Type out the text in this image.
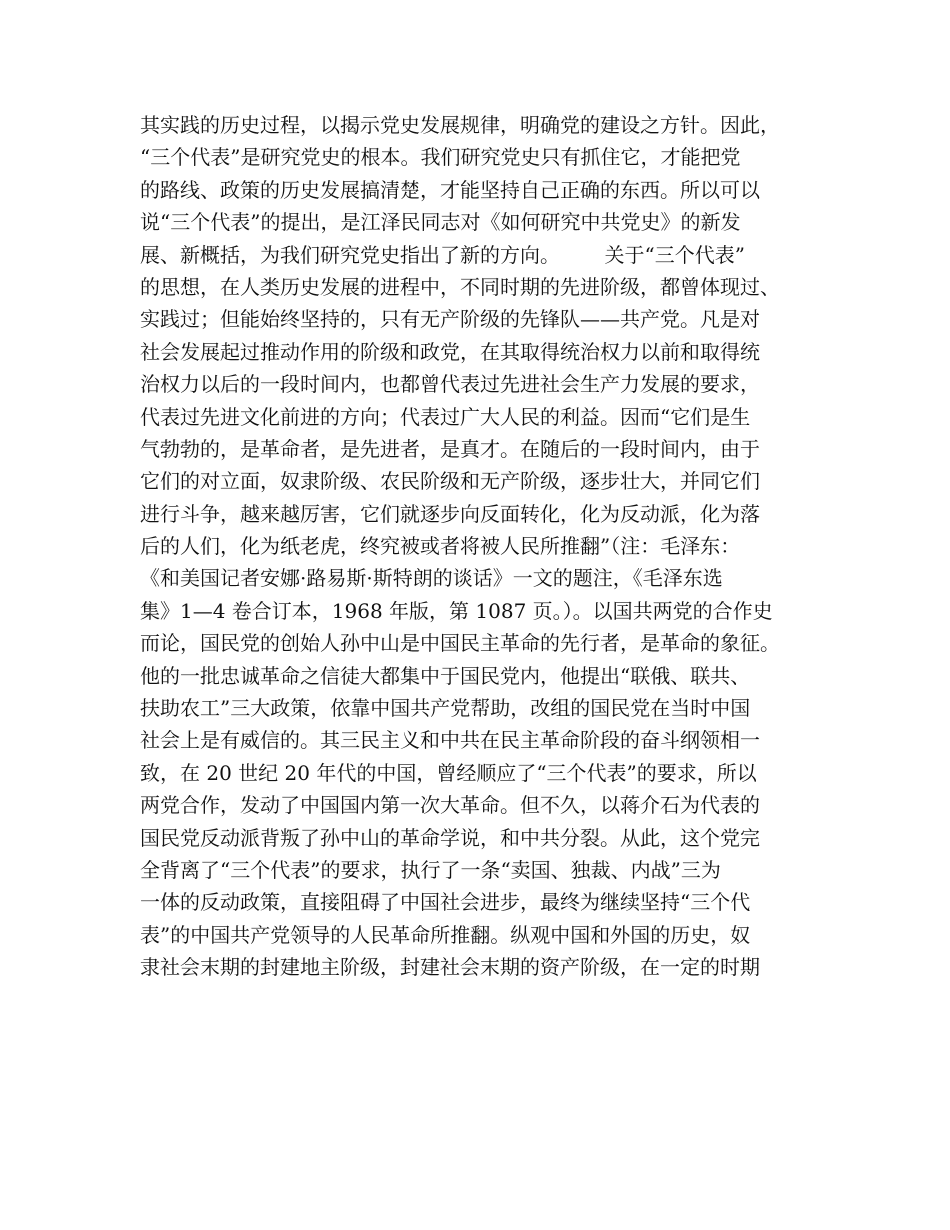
其实践的历史过程，以揭示党史发展规律，明确党的建设之方针。因此，
“三个代表”是研究党史的根本。我们研究党史只有抓住它，才能把党
的路线、政策的历史发展搞清楚，才能坚持自己正确的东西。所以可以
说“三个代表”的提出，是江泽民同志对《如何研究中共党史》的新发
展、新概括，为我们研究党史指出了新的方向。       关于“三个代表”
的思想，在人类历史发展的进程中，不同时期的先进阶级，都曾体现过、
实践过；但能始终坚持的，只有无产阶级的先锋队——共产党。凡是对
社会发展起过推动作用的阶级和政党，在其取得统治权力以前和取得统
治权力以后的一段时间内，也都曾代表过先进社会生产力发展的要求，
代表过先进文化前进的方向；代表过广大人民的利益。因而“它们是生
气勃勃的，是革命者，是先进者，是真才。在随后的一段时间内，由于
它们的对立面，奴隶阶级、农民阶级和无产阶级，逐步壮大，并同它们
进行斗争，越来越厉害，它们就逐步向反面转化，化为反动派，化为落
后的人们，化为纸老虎，终究被或者将被人民所推翻”（注：毛泽东：
《和美国记者安娜·路易斯·斯特朗的谈话》一文的题注，《毛泽东选
集》1—4 卷合订本，1968 年版，第 1087 页。）。以国共两党的合作史
而论，国民党的创始人孙中山是中国民主革命的先行者，是革命的象征。
他的一批忠诚革命之信徒大都集中于国民党内，他提出“联俄、联共、
扶助农工”三大政策，依靠中国共产党帮助，改组的国民党在当时中国
社会上是有威信的。其三民主义和中共在民主革命阶段的奋斗纲领相一
致，在 20 世纪 20 年代的中国，曾经顺应了“三个代表”的要求，所以
两党合作，发动了中国国内第一次大革命。但不久，以蒋介石为代表的
国民党反动派背叛了孙中山的革命学说，和中共分裂。从此，这个党完
全背离了“三个代表”的要求，执行了一条“卖国、独裁、内战”三为
一体的反动政策，直接阻碍了中国社会进步，最终为继续坚持“三个代
表”的中国共产党领导的人民革命所推翻。纵观中国和外国的历史，奴
隶社会末期的封建地主阶级，封建社会末期的资产阶级，在一定的时期
